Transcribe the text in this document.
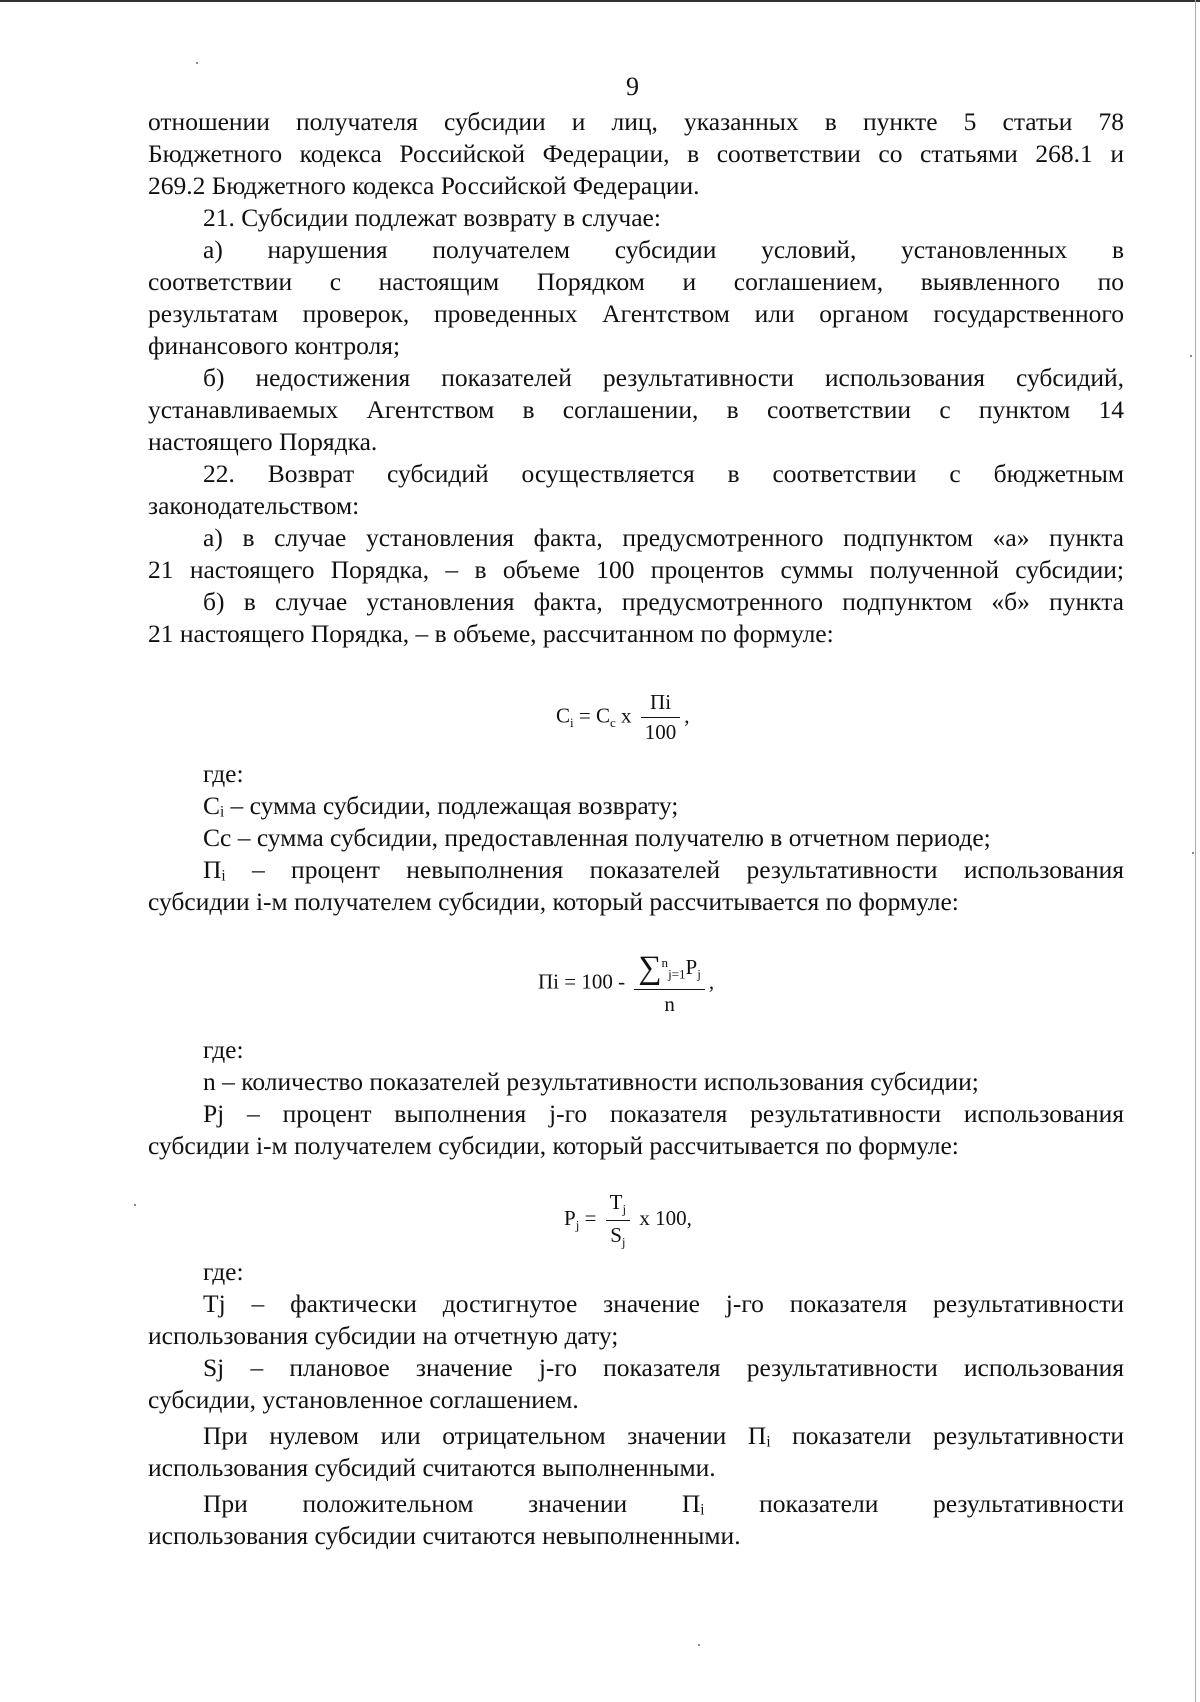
9
отношении получателя субсидии и лиц, указанных в пункте 5 статьи 78
Бюджетного кодекса Российской Федерации, в соответствии со статьями 268.1 и
269.2 Бюджетного кодекса Российской Федерации.
21. Субсидии подлежат возврату в случае:
а) нарушения получателем субсидии условий, установленных в
соответствии с настоящим Порядком и соглашением, выявленного по
результатам проверок, проведенных Агентством или органом государственного
финансового контроля;
б) недостижения показателей результативности использования субсидий,
устанавливаемых Агентством в соглашении, в соответствии с пунктом 14
настоящего Порядка.
22. Возврат субсидий осуществляется в соответствии с бюджетным
законодательством:
а) в случае установления факта, предусмотренного подпунктом «а» пункта
21 настоящего Порядка, – в объеме 100 процентов суммы полученной субсидии;
б) в случае установления факта, предусмотренного подпунктом «б» пункта
21 настоящего Порядка, – в объеме, рассчитанном по формуле:
где:
Cᵢ – сумма субсидии, подлежащая возврату;
Cc – сумма субсидии, предоставленная получателю в отчетном периоде;
Пᵢ – процент невыполнения показателей результативности использования
субсидии i-м получателем субсидии, который рассчитывается по формуле:
где:
n – количество показателей результативности использования субсидии;
Pj – процент выполнения j-го показателя результативности использования
субсидии i-м получателем субсидии, который рассчитывается по формуле:
где:
Tj – фактически достигнутое значение j-го показателя результативности
использования субсидии на отчетную дату;
Sj – плановое значение j-го показателя результативности использования
субсидии, установленное соглашением.
При нулевом или отрицательном значении Пᵢ показатели результативности
использования субсидий считаются выполненными.
При положительном значении Пᵢ показатели результативности
использования субсидии считаются невыполненными.
$C_i = C_c$ x $\frac{Пi}{100}$ ,
Пi = $100 - \frac{\sum^n_{j=1}P_j}{n}$ ,
$P_j = \frac{T_j}{S_j}$ x 100,
